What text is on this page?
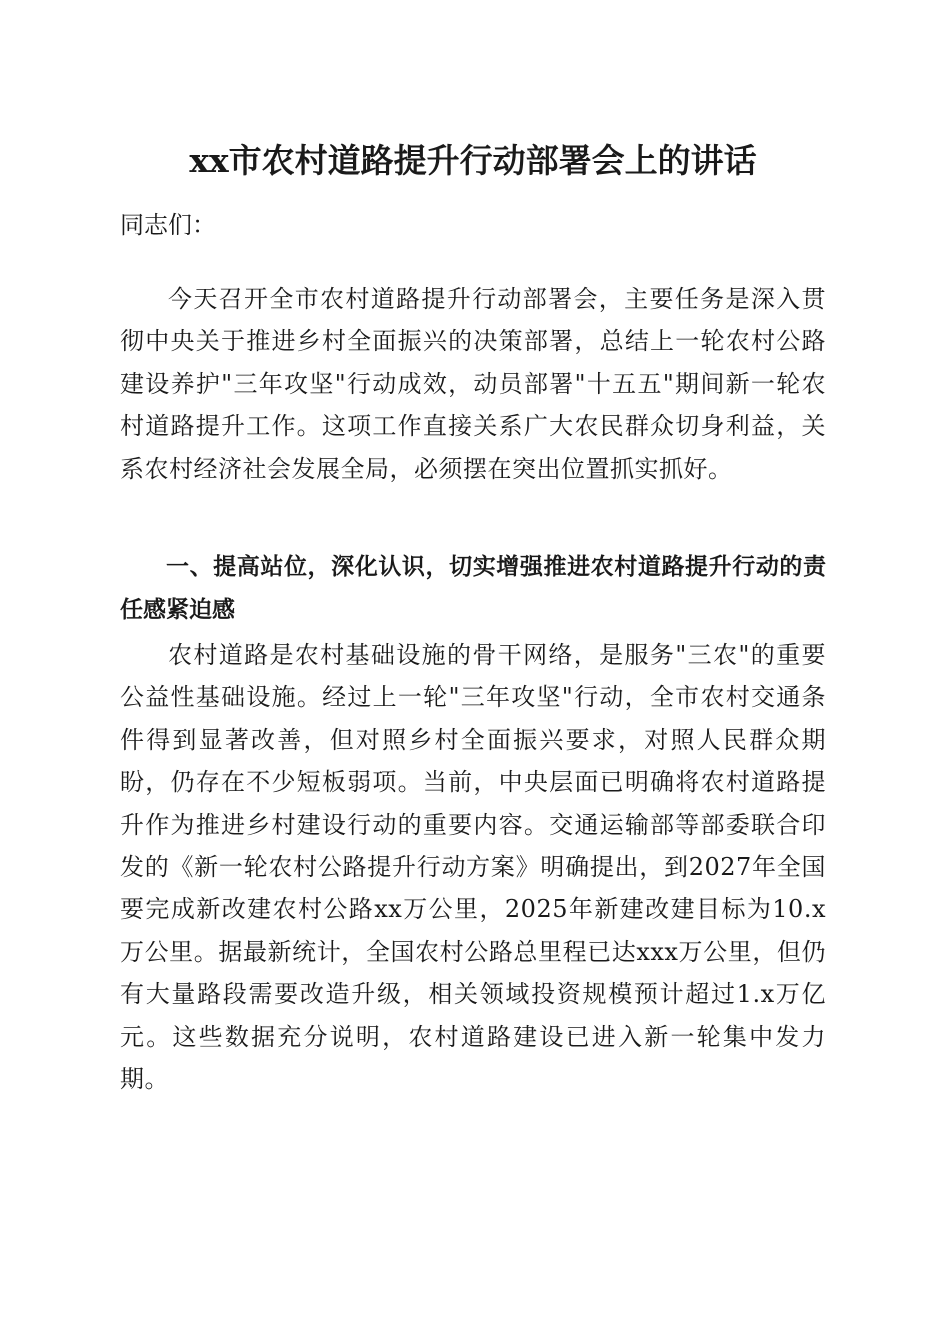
xx市农村道路提升行动部署会上的讲话

同志们：

今天召开全市农村道路提升行动部署会，主要任务是深入贯彻中央关于推进乡村全面振兴的决策部署，总结上一轮农村公路建设养护"三年攻坚"行动成效，动员部署"十五五"期间新一轮农村道路提升工作。这项工作直接关系广大农民群众切身利益，关系农村经济社会发展全局，必须摆在突出位置抓实抓好。

一、提高站位，深化认识，切实增强推进农村道路提升行动的责任感紧迫感

农村道路是农村基础设施的骨干网络，是服务"三农"的重要公益性基础设施。经过上一轮"三年攻坚"行动，全市农村交通条件得到显著改善，但对照乡村全面振兴要求，对照人民群众期盼，仍存在不少短板弱项。当前，中央层面已明确将农村道路提升作为推进乡村建设行动的重要内容。交通运输部等部委联合印发的《新一轮农村公路提升行动方案》明确提出，到2027年全国要完成新改建农村公路xx万公里，2025年新建改建目标为10.x万公里。据最新统计，全国农村公路总里程已达xxx万公里，但仍有大量路段需要改造升级，相关领域投资规模预计超过1.x万亿元。这些数据充分说明，农村道路建设已进入新一轮集中发力期。
